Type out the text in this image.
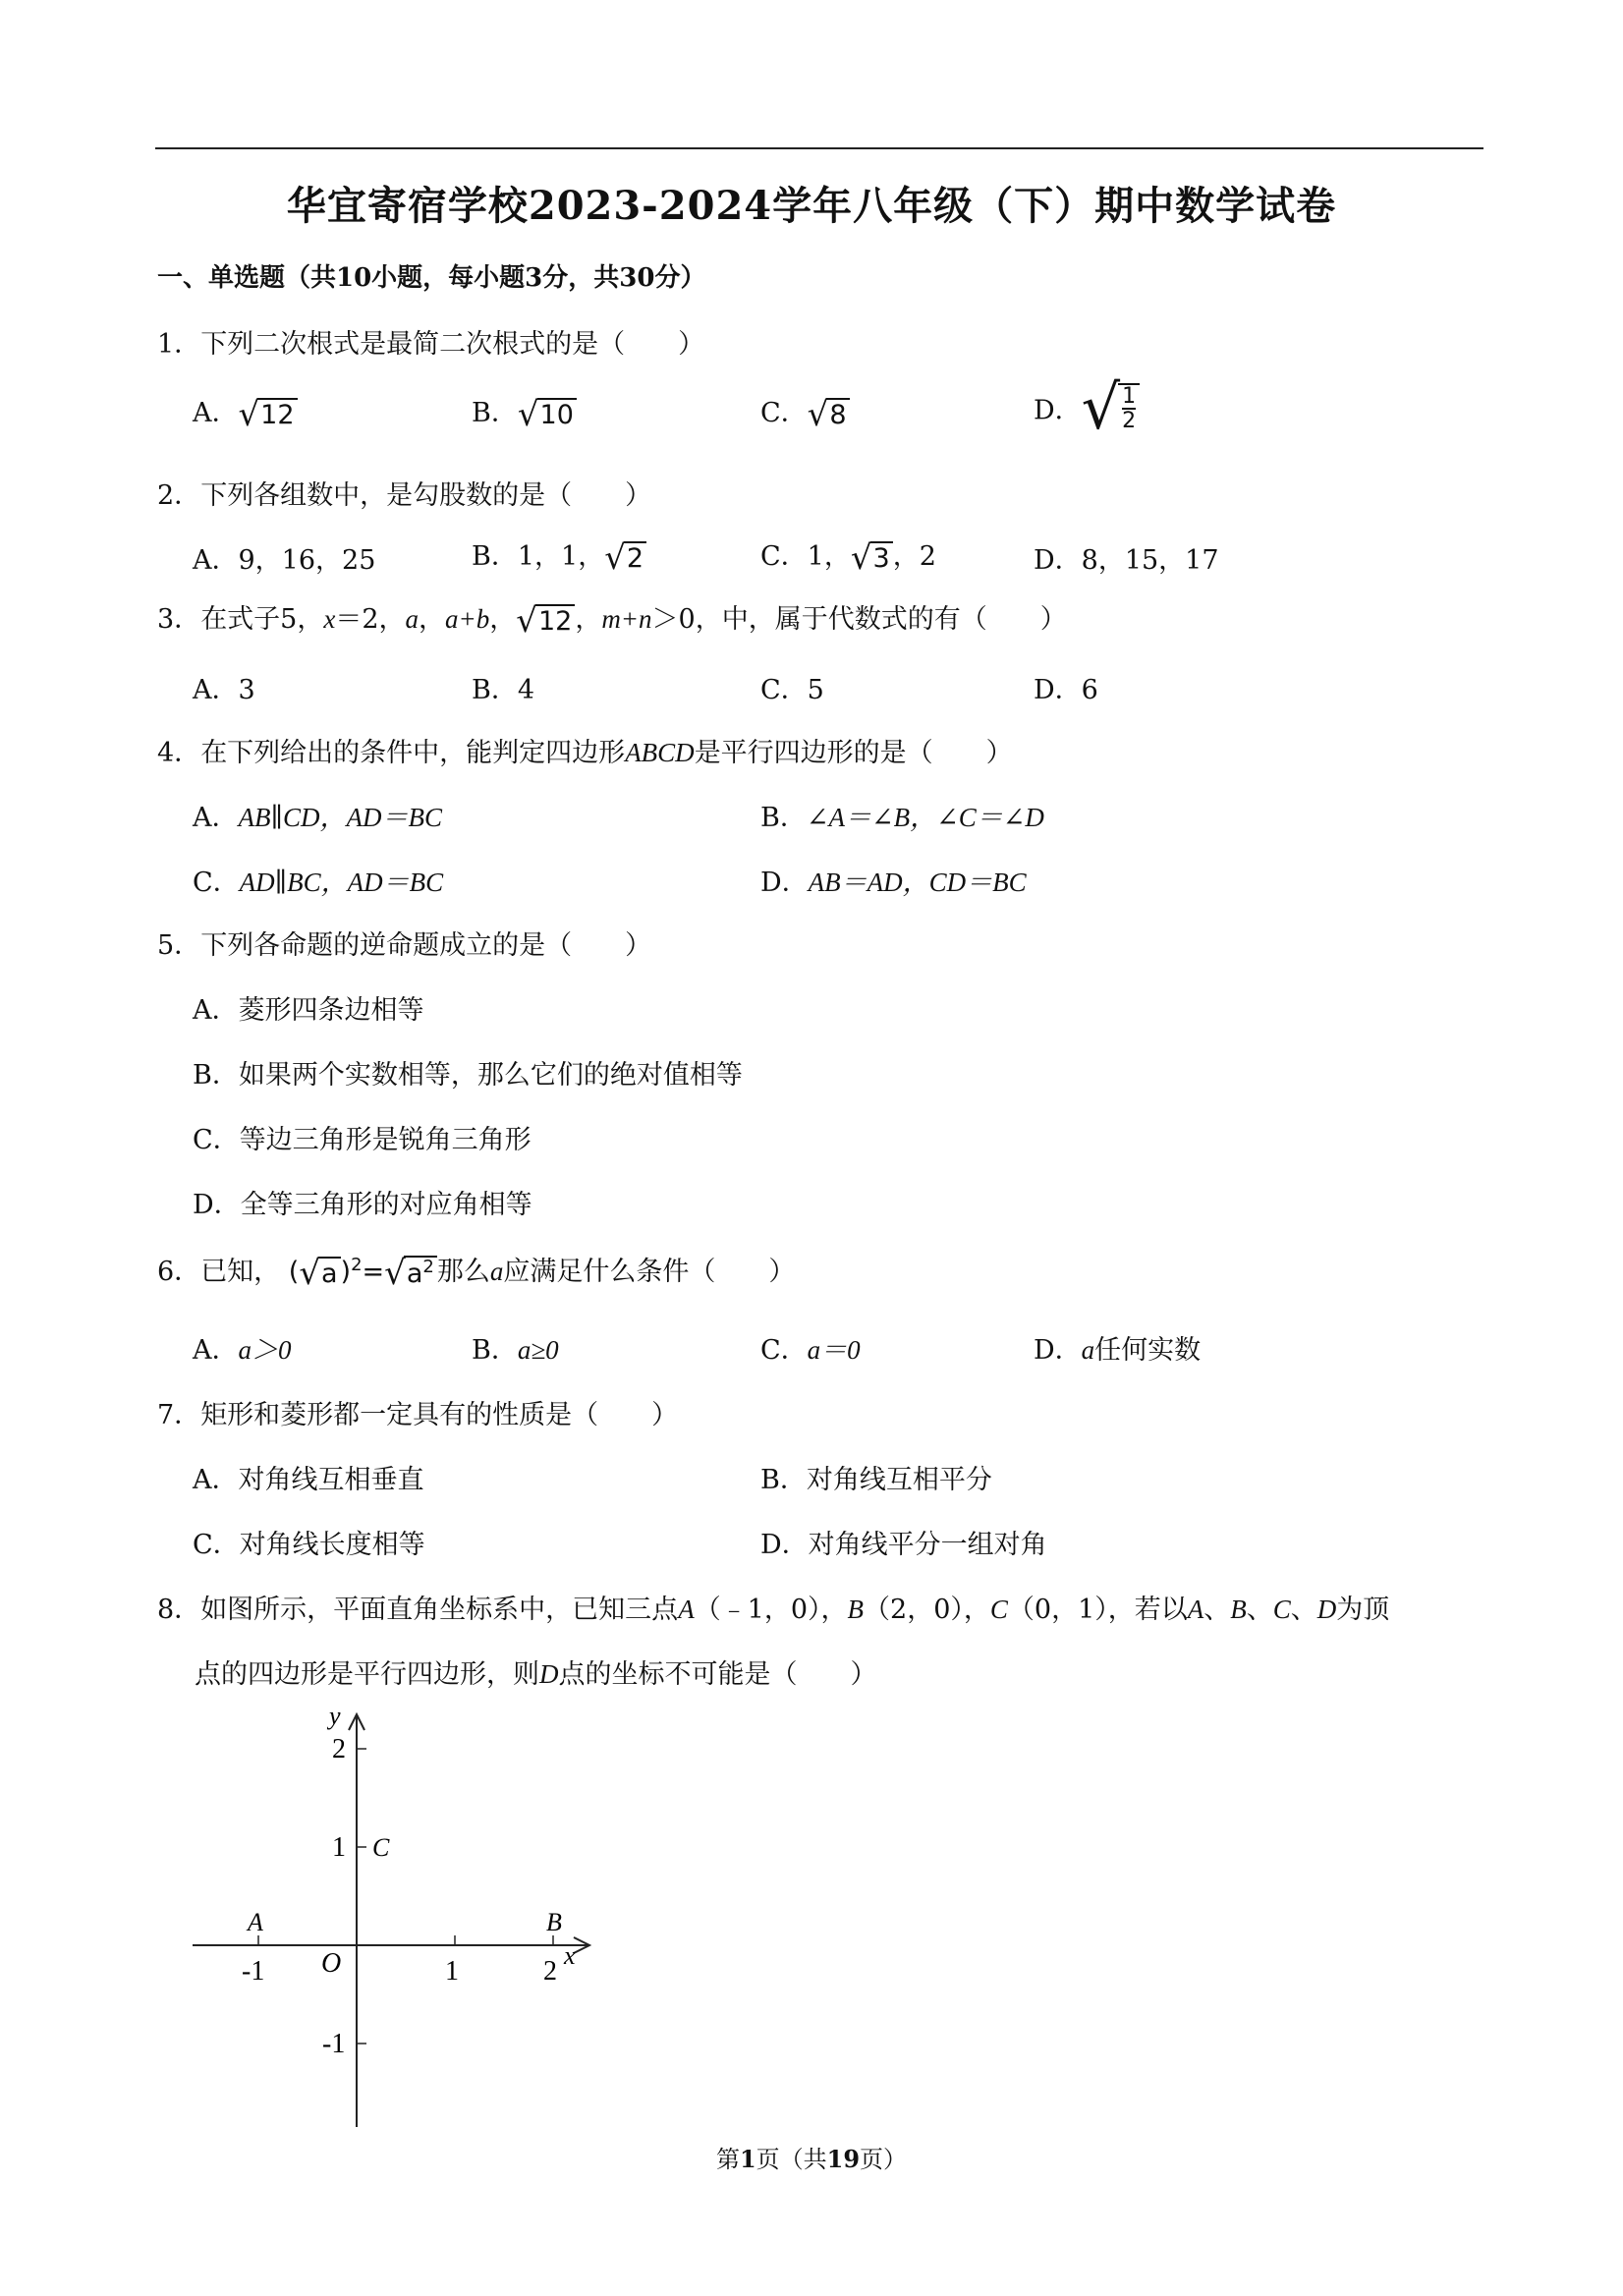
华宜寄宿学校2023-2024学年八年级（下）期中数学试卷
一、单选题（共10小题，每小题3分，共30分）
1．下列二次根式是最简二次根式的是（　　）
A． √ 12	B． √ 10	C． √ 8	D． √ $\frac{1}{2}$
2．下列各组数中，是勾股数的是（　　）
A．9，16，25	B．1，1， √ 2	C．1， √ 3 ，2	D．8，15，17
3．在式子5，x＝2，a，a+b， √ 12 ，m+n＞0，中，属于代数式的有（　　）
A．3	B．4	C．5	D．6
4．在下列给出的条件中，能判定四边形ABCD是平行四边形的是（　　）
A．AB∥CD，AD＝BC	B．∠A＝∠B，∠C＝∠D
C．AD∥BC，AD＝BC	D．AB＝AD，CD＝BC
5．下列各命题的逆命题成立的是（　　）
A．菱形四条边相等
B．如果两个实数相等，那么它们的绝对值相等
C．等边三角形是锐角三角形
D．全等三角形的对应角相等
6．已知， ( √ a )$^2$= √ $a^2$ 那么a应满足什么条件（　　）
A．a＞0	B．a≥0	C．a＝0	D．a任何实数
7．矩形和菱形都一定具有的性质是（　　）
A．对角线互相垂直	B．对角线互相平分
C．对角线长度相等	D．对角线平分一组对角
8．如图所示，平面直角坐标系中，已知三点A（﹣1，0），B（2，0），C（0，1），若以A、B、C、D为顶
点的四边形是平行四边形，则D点的坐标不可能是（　　）
x
y
O
-1	1	2
2
1
-1
A	B
C
第1页（共19页）
